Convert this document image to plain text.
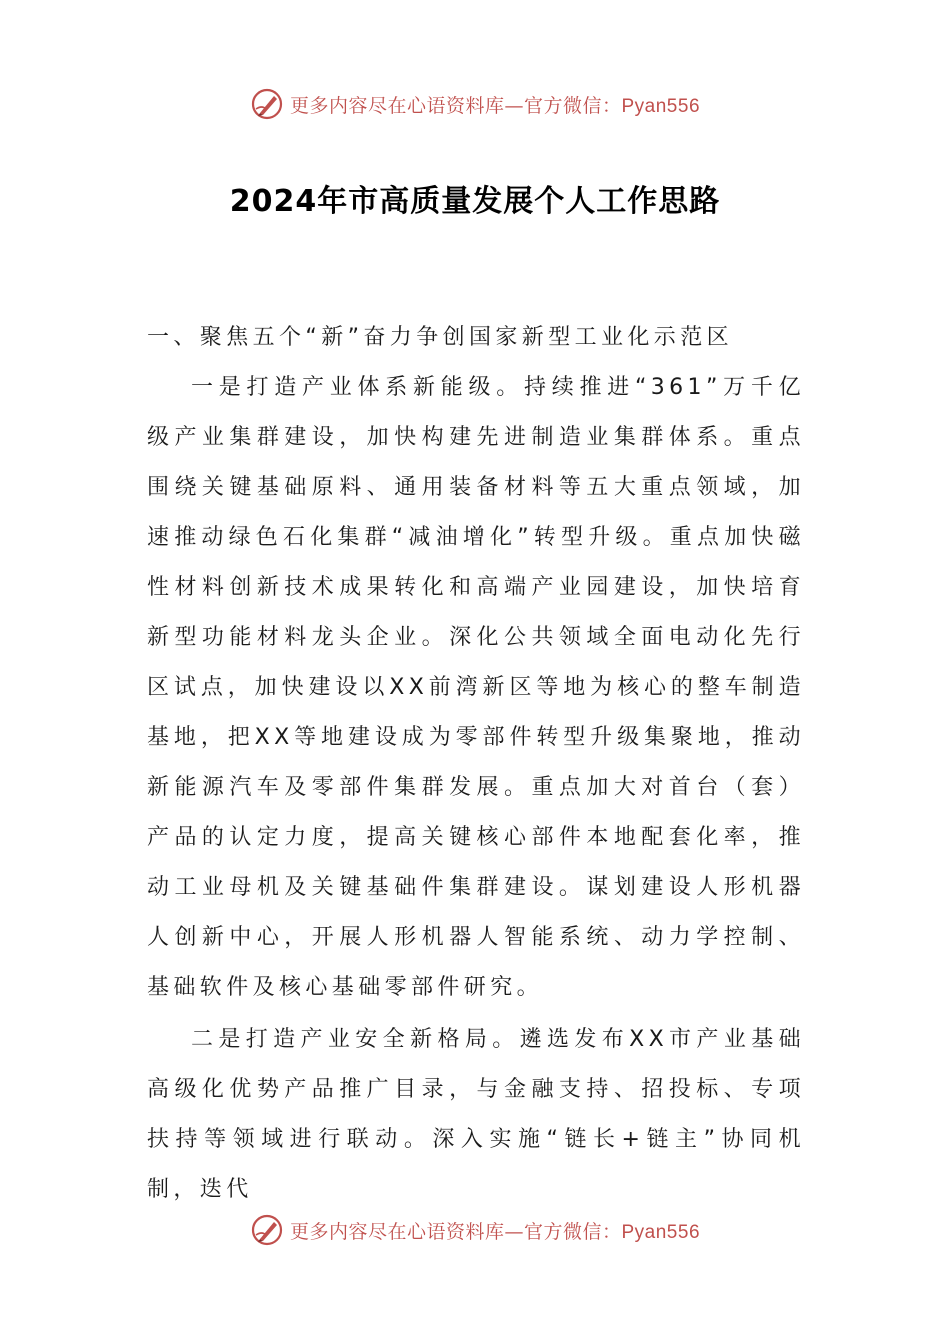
更多内容尽在心语资料库—官方微信：Pyan556
2024年市高质量发展个人工作思路

一、聚焦五个“新”奋力争创国家新型工业化示范区

一是打造产业体系新能级。持续推进“361”万千亿级产业集群建设，加快构建先进制造业集群体系。重点围绕关键基础原料、通用装备材料等五大重点领域，加速推动绿色石化集群“减油增化”转型升级。重点加快磁性材料创新技术成果转化和高端产业园建设，加快培育新型功能材料龙头企业。深化公共领域全面电动化先行区试点，加快建设以XX前湾新区等地为核心的整车制造基地，把XX等地建设成为零部件转型升级集聚地，推动新能源汽车及零部件集群发展。重点加大对首台（套）产品的认定力度，提高关键核心部件本地配套化率，推动工业母机及关键基础件集群建设。谋划建设人形机器人创新中心，开展人形机器人智能系统、动力学控制、基础软件及核心基础零部件研究。

二是打造产业安全新格局。遴选发布XX市产业基础高级化优势产品推广目录，与金融支持、招投标、专项扶持等领域进行联动。深入实施“链长+链主”协同机制，迭代

更多内容尽在心语资料库—官方微信：Pyan556
